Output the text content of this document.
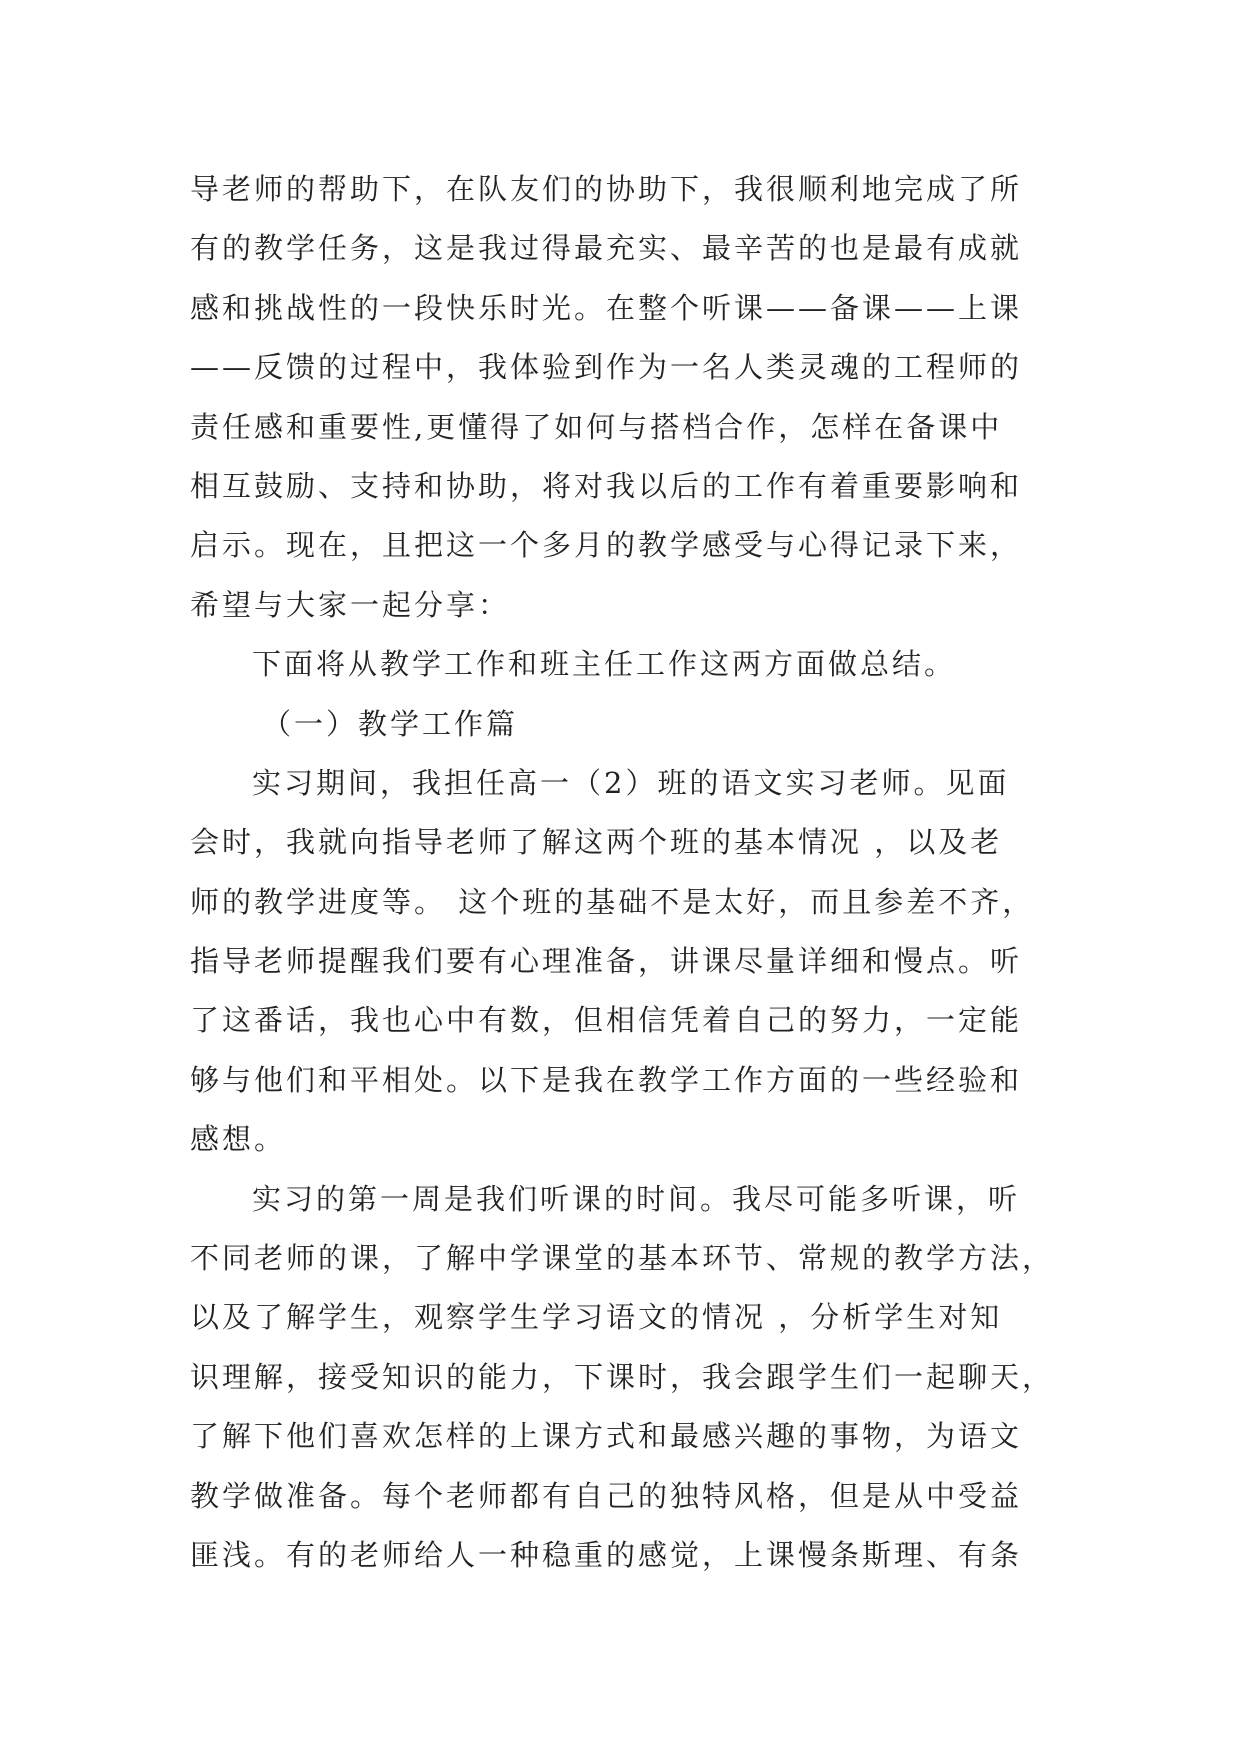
导老师的帮助下，在队友们的协助下，我很顺利地完成了所
有的教学任务，这是我过得最充实、最辛苦的也是最有成就
感和挑战性的一段快乐时光。在整个听课——备课——上课
——反馈的过程中，我体验到作为一名人类灵魂的工程师的
责任感和重要性,更懂得了如何与搭档合作，怎样在备课中
相互鼓励、支持和协助，将对我以后的工作有着重要影响和
启示。现在，且把这一个多月的教学感受与心得记录下来，
希望与大家一起分享：
下面将从教学工作和班主任工作这两方面做总结。
（一）教学工作篇
实习期间，我担任高一（2）班的语文实习老师。见面
会时，我就向指导老师了解这两个班的基本情况 ，以及老
师的教学进度等。 这个班的基础不是太好，而且参差不齐，
指导老师提醒我们要有心理准备，讲课尽量详细和慢点。听
了这番话，我也心中有数，但相信凭着自己的努力，一定能
够与他们和平相处。以下是我在教学工作方面的一些经验和
感想。
实习的第一周是我们听课的时间。我尽可能多听课，听
不同老师的课，了解中学课堂的基本环节、常规的教学方法，
以及了解学生，观察学生学习语文的情况 ，分析学生对知
识理解，接受知识的能力，下课时，我会跟学生们一起聊天，
了解下他们喜欢怎样的上课方式和最感兴趣的事物，为语文
教学做准备。每个老师都有自己的独特风格，但是从中受益
匪浅。有的老师给人一种稳重的感觉，上课慢条斯理、有条
